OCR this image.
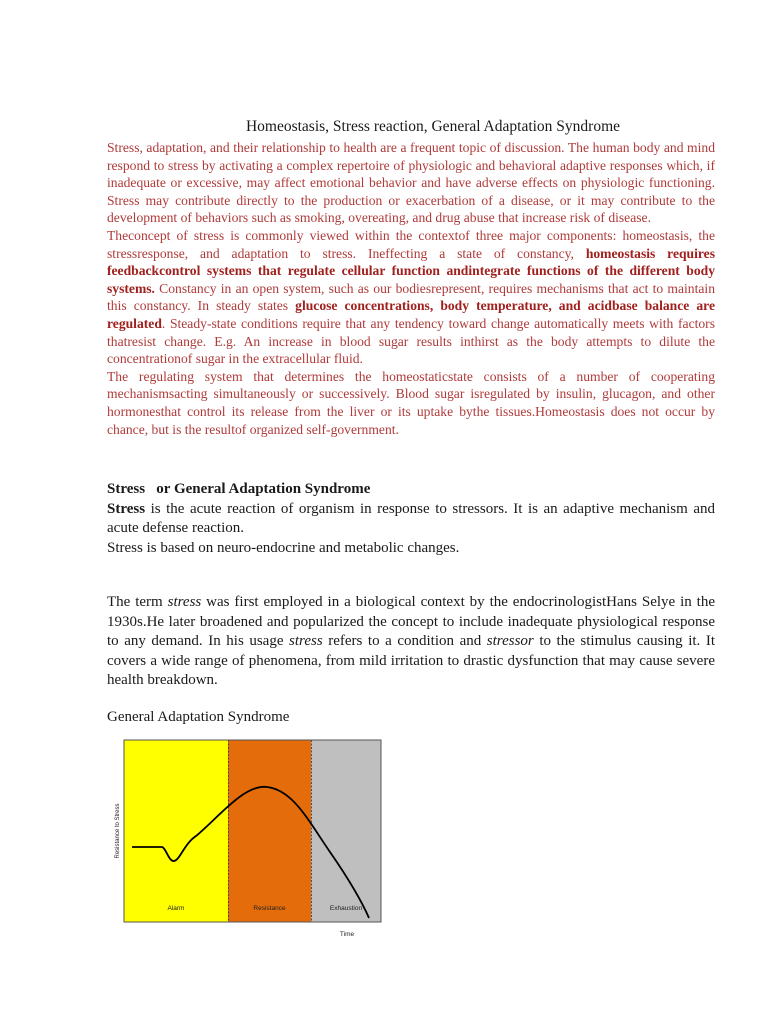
Homeostasis, Stress reaction, General Adaptation Syndrome

Stress, adaptation, and their relationship to health are a frequent topic of discussion. The human body and mind respond to stress by activating a complex repertoire of physiologic and behavioral adaptive responses which, if inadequate or excessive, may affect emotional behavior and have adverse effects on physiologic functioning. Stress may contribute directly to the production or exacerbation of a disease, or it may contribute to the development of behaviors such as smoking, overeating, and drug abuse that increase risk of disease.

Theconcept of stress is commonly viewed within the contextof three major components: homeostasis, the stressresponse, and adaptation to stress. Ineffecting a state of constancy, homeostasis requires feedbackcontrol systems that regulate cellular function andintegrate functions of the different body systems. Constancy in an open system, such as our bodiesrepresent, requires mechanisms that act to maintain this constancy. In steady states glucose concentrations, body temperature, and acidbase balance are regulated. Steady-state conditions require that any tendency toward change automatically meets with factors thatresist change. E.g. An increase in blood sugar results inthirst as the body attempts to dilute the concentrationof sugar in the extracellular fluid.

The regulating system that determines the homeostaticstate consists of a number of cooperating mechanismsacting simultaneously or successively. Blood sugar isregulated by insulin, glucagon, and other hormonesthat control its release from the liver or its uptake bythe tissues.Homeostasis does not occur by chance, but is the resultof organized self-government.

Stress   or General Adaptation Syndrome

Stress is the acute reaction of organism in response to stressors. It is an adaptive mechanism and acute defense reaction.

Stress is based on neuro-endocrine and metabolic changes.

The term stress was first employed in a biological context by the endocrinologistHans Selye in the 1930s.He later broadened and popularized the concept to include inadequate physiological response to any demand. In his usage stress refers to a condition and stressor to the stimulus causing it. It covers a wide range of phenomena, from mild irritation to drastic dysfunction that may cause severe health breakdown.

General Adaptation Syndrome
Alarm	Resistance	Exhaustion
Resistance to Stress
Time
